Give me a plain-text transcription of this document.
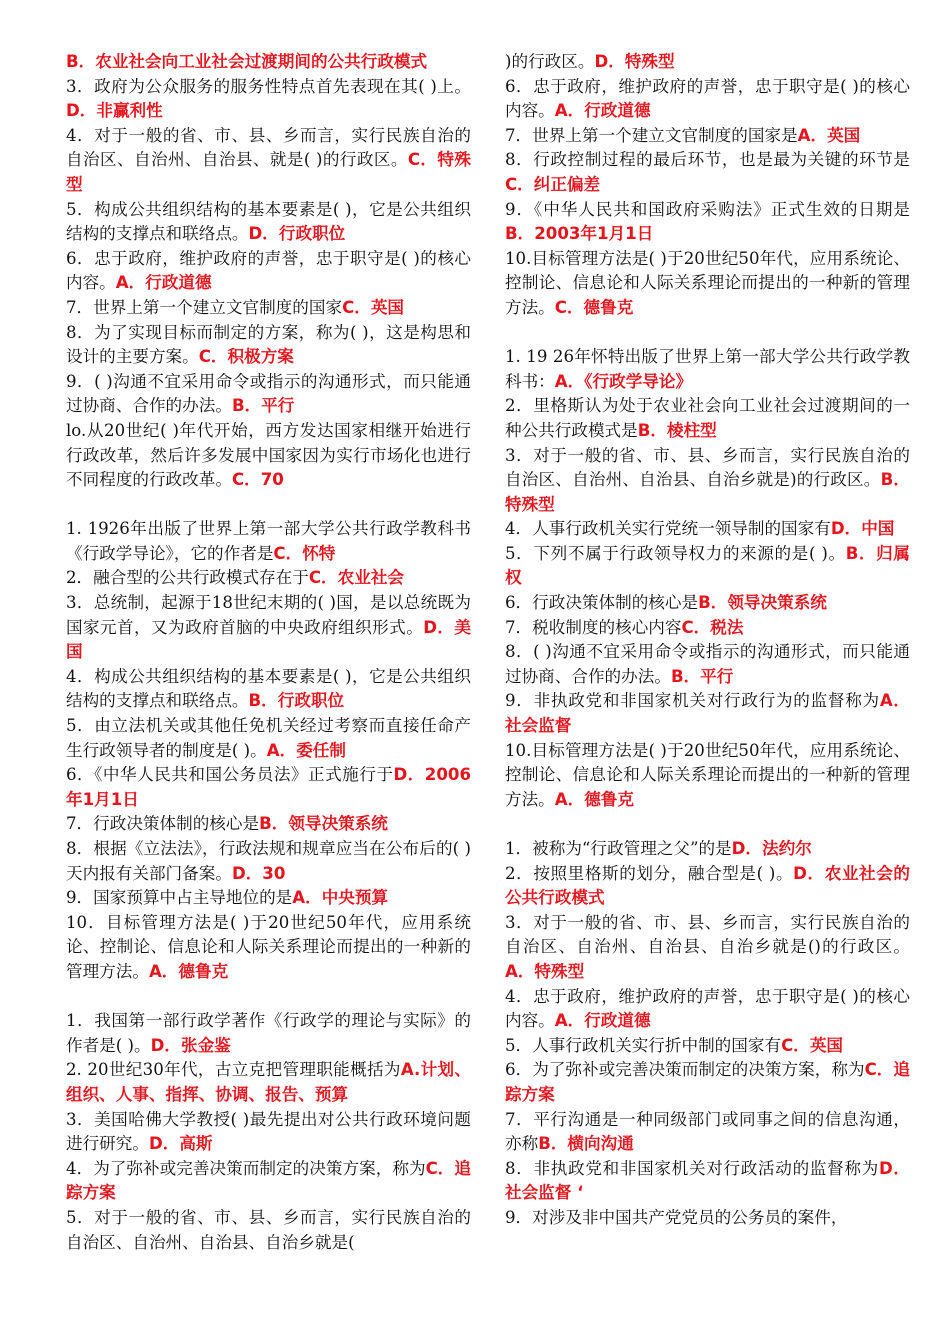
B．农业社会向工业社会过渡期间的公共行政模式

3．政府为公众服务的服务性特点首先表现在其( )上。D．非赢利性

4．对于一般的省、市、县、乡而言，实行民族自治的自治区、自治州、自治县、就是( )的行政区。C．特殊型

5．构成公共组织结构的基本要素是( )，它是公共组织结构的支撑点和联络点。D．行政职位

6．忠于政府，维护政府的声誉，忠于职守是( )的核心内容。A．行政道德

7．世界上第一个建立文官制度的国家C．英国

8．为了实现目标而制定的方案，称为( )，这是构思和设计的主要方案。C．积极方案

9．( )沟通不宜采用命令或指示的沟通形式，而只能通过协商、合作的办法。B．平行

lo.从20世纪( )年代开始，西方发达国家相继开始进行行政改革，然后许多发展中国家因为实行市场化也进行不同程度的行政改革。C．70

1. 1926年出版了世界上第一部大学公共行政学教科书《行政学导论》，它的作者是C．怀特

2．融合型的公共行政模式存在于C．农业社会

3．总统制，起源于18世纪末期的( )国，是以总统既为国家元首，又为政府首脑的中央政府组织形式。D．美国

4．构成公共组织结构的基本要素是( )，它是公共组织结构的支撑点和联络点。B．行政职位

5．由立法机关或其他任免机关经过考察而直接任命产生行政领导者的制度是( )。A．委任制

6．《中华人民共和国公务员法》正式施行于D．2006年1月1日

7．行政决策体制的核心是B．领导决策系统

8．根据《立法法》，行政法规和规章应当在公布后的( )天内报有关部门备案。D．30

9．国家预算中占主导地位的是A．中央预算

10．目标管理方法是( )于20世纪50年代，应用系统论、控制论、信息论和人际关系理论而提出的一种新的管理方法。A．德鲁克

1．我国第一部行政学著作《行政学的理论与实际》的作者是( )。D．张金鉴

2. 20世纪30年代，古立克把管理职能概括为A.计划、组织、人事、指挥、协调、报告、预算

3．美国哈佛大学教授( )最先提出对公共行政环境问题进行研究。D．高斯

4．为了弥补或完善决策而制定的决策方案，称为C．追踪方案

5．对于一般的省、市、县、乡而言，实行民族自治的自治区、自治州、自治县、自治乡就是(

)的行政区。D．特殊型

6．忠于政府，维护政府的声誉，忠于职守是( )的核心内容。A．行政道德

7．世界上第一个建立文官制度的国家是A．英国

8．行政控制过程的最后环节，也是最为关键的环节是C．纠正偏差

9．《中华人民共和国政府采购法》正式生效的日期是B．2003年1月1日

10.目标管理方法是( )于20世纪50年代，应用系统论、控制论、信息论和人际关系理论而提出的一种新的管理方法。C．德鲁克

1. 19 26年怀特出版了世界上第一部大学公共行政学教科书：A．《行政学导论》

2．里格斯认为处于农业社会向工业社会过渡期间的一种公共行政模式是B．棱柱型

3．对于一般的省、市、县、乡而言，实行民族自治的自治区、自治州、自治县、自治乡就是)的行政区。B．特殊型

4．人事行政机关实行党统一领导制的国家有D．中国

5．下列不属于行政领导权力的来源的是( )。B．归属权

6．行政决策体制的核心是B．领导决策系统

7．税收制度的核心内容C．税法

8．( )沟通不宜采用命令或指示的沟通形式，而只能通过协商、合作的办法。B．平行

9．非执政党和非国家机关对行政行为的监督称为A．社会监督

10.目标管理方法是( )于20世纪50年代，应用系统论、控制论、信息论和人际关系理论而提出的一种新的管理方法。A．德鲁克

1．被称为“行政管理之父”的是D．法约尔

2．按照里格斯的划分，融合型是( )。D．农业社会的公共行政模式

3．对于一般的省、市、县、乡而言，实行民族自治的自治区、自治州、自治县、自治乡就是()的行政区。A．特殊型

4．忠于政府，维护政府的声誉，忠于职守是( )的核心内容。A．行政道德

5．人事行政机关实行折中制的国家有C．英国

6．为了弥补或完善决策而制定的决策方案，称为C．追踪方案

7．平行沟通是一种同级部门或同事之间的信息沟通，亦称B．横向沟通

8．非执政党和非国家机关对行政活动的监督称为D．社会监督 ‘

9．对涉及非中国共产党党员的公务员的案件，
